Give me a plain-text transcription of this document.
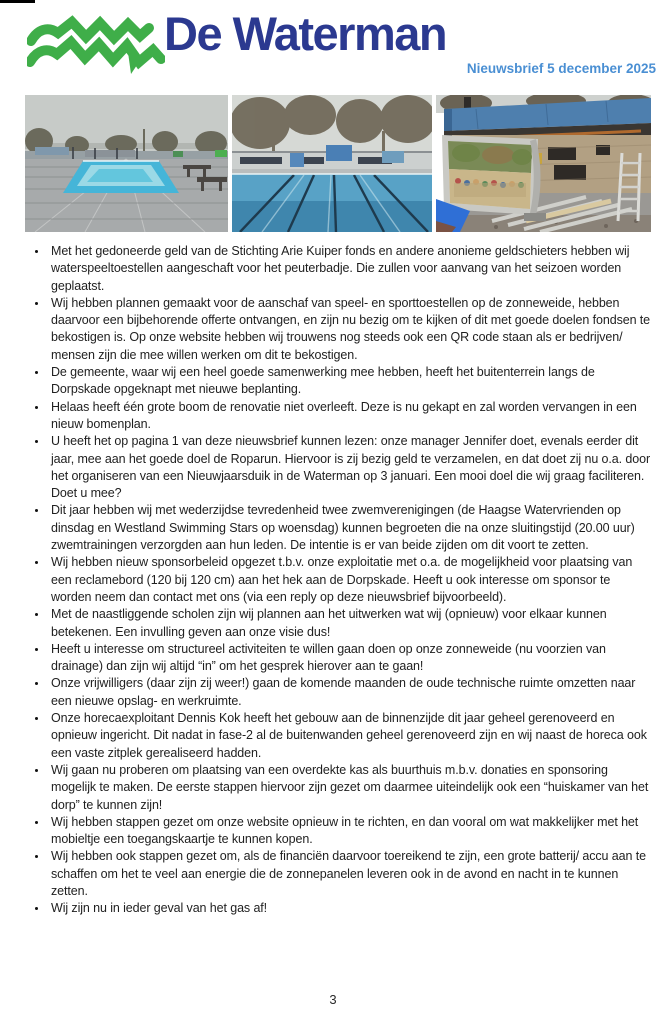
De Waterman
Nieuwsbrief 5 december 2025
• Met het gedoneerde geld van de Stichting Arie Kuiper fonds en andere anonieme geldschieters hebben wij waterspeeltoestellen aangeschaft voor het peuterbadje. Die zullen voor aanvang van het seizoen worden geplaatst.
• Wij hebben plannen gemaakt voor de aanschaf van speel- en sporttoestellen op de zonneweide, hebben daarvoor een bijbehorende offerte ontvangen, en zijn nu bezig om te kijken of dit met goede doelen fondsen te bekostigen is. Op onze website hebben wij trouwens nog steeds ook een QR code staan als er bedrijven/ mensen zijn die mee willen werken om dit te bekostigen.
• De gemeente, waar wij een heel goede samenwerking mee hebben, heeft het buitenterrein langs de Dorpskade opgeknapt met nieuwe beplanting.
• Helaas heeft één grote boom de renovatie niet overleeft. Deze is nu gekapt en zal worden vervangen in een nieuw bomenplan.
• U heeft het op pagina 1 van deze nieuwsbrief kunnen lezen: onze manager Jennifer doet, evenals eerder dit jaar, mee aan het goede doel de Roparun. Hiervoor is zij bezig geld te verzamelen, en dat doet zij nu o.a. door het organiseren van een Nieuwjaarsduik in de Waterman op 3 januari. Een mooi doel die wij graag faciliteren. Doet u mee?
• Dit jaar hebben wij met wederzijdse tevredenheid twee zwemverenigingen (de Haagse Watervrienden op dinsdag en Westland Swimming Stars op woensdag) kunnen begroeten die na onze sluitingstijd (20.00 uur) zwemtrainingen verzorgden aan hun leden. De intentie is er van beide zijden om dit voort te zetten.
• Wij hebben nieuw sponsorbeleid opgezet t.b.v. onze exploitatie met o.a. de mogelijkheid voor plaatsing van een reclamebord (120 bij 120 cm) aan het hek aan de Dorpskade. Heeft u ook interesse om sponsor te worden neem dan contact met ons (via een reply op deze nieuwsbrief bijvoorbeeld).
• Met de naastliggende scholen zijn wij plannen aan het uitwerken wat wij (opnieuw) voor elkaar kunnen betekenen. Een invulling geven aan onze visie dus!
• Heeft u interesse om structureel activiteiten te willen gaan doen op onze zonneweide (nu voorzien van drainage) dan zijn wij altijd “in” om het gesprek hierover aan te gaan!
• Onze vrijwilligers (daar zijn zij weer!) gaan de komende maanden de oude technische ruimte omzetten naar een nieuwe opslag- en werkruimte.
• Onze horecaexploitant Dennis Kok heeft het gebouw aan de binnenzijde dit jaar geheel gerenoveerd en opnieuw ingericht. Dit nadat in fase-2 al de buitenwanden geheel gerenoveerd zijn en wij naast de horeca ook een vaste zitplek gerealiseerd hadden.
• Wij gaan nu proberen om plaatsing van een overdekte kas als buurthuis m.b.v. donaties en sponsoring mogelijk te maken. De eerste stappen hiervoor zijn gezet om daarmee uiteindelijk ook een “huiskamer van het dorp” te kunnen zijn!
• Wij hebben stappen gezet om onze website opnieuw in te richten, en dan vooral om wat makkelijker met het mobieltje een toegangskaartje te kunnen kopen.
• Wij hebben ook stappen gezet om, als de financiën daarvoor toereikend te zijn, een grote batterij/ accu aan te schaffen om het te veel aan energie die de zonnepanelen leveren ook in de avond en nacht in te kunnen zetten.
• Wij zijn nu in ieder geval van het gas af!
3
